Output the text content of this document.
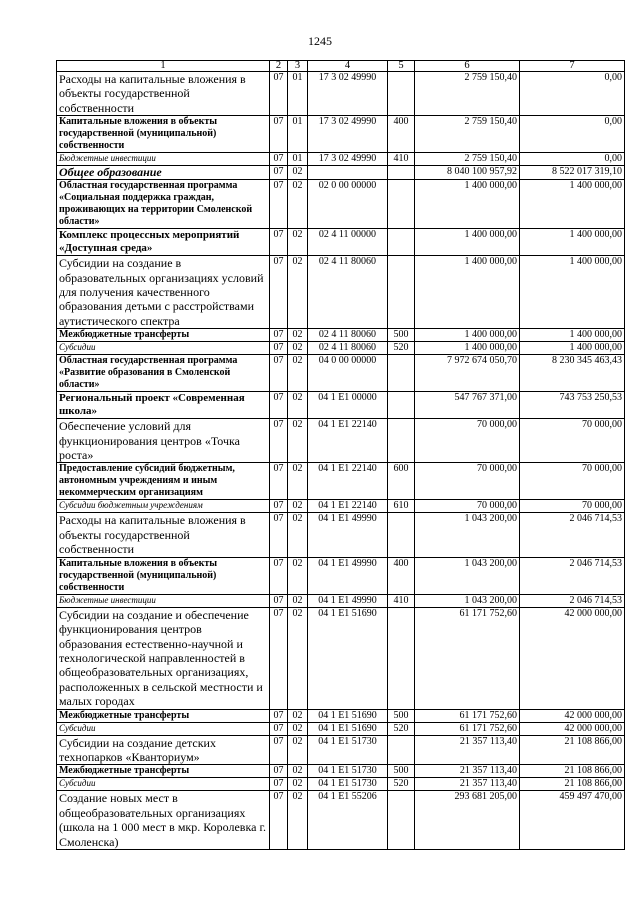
1245
1	2	3	4	5	6	7
Расходы на капитальные вложения в объекты государственной собственности	07	01	17 3 02 49990		2 759 150,40	0,00
Капитальные вложения в объекты государственной (муниципальной) собственности	07	01	17 3 02 49990	400	2 759 150,40	0,00
Бюджетные инвестиции	07	01	17 3 02 49990	410	2 759 150,40	0,00
Общее образование	07	02			8 040 100 957,92	8 522 017 319,10
Областная государственная программа «Социальная поддержка граждан, проживающих на территории Смоленской области»	07	02	02 0 00 00000		1 400 000,00	1 400 000,00
Комплекс процессных мероприятий «Доступная среда»	07	02	02 4 11 00000		1 400 000,00	1 400 000,00
Субсидии на создание в образовательных организациях условий для получения качественного образования детьми с расстройствами аутистического спектра	07	02	02 4 11 80060		1 400 000,00	1 400 000,00
Межбюджетные трансферты	07	02	02 4 11 80060	500	1 400 000,00	1 400 000,00
Субсидии	07	02	02 4 11 80060	520	1 400 000,00	1 400 000,00
Областная государственная программа «Развитие образования в Смоленской области»	07	02	04 0 00 00000		7 972 674 050,70	8 230 345 463,43
Региональный проект «Современная школа»	07	02	04 1 E1 00000		547 767 371,00	743 753 250,53
Обеспечение условий для функционирования центров «Точка роста»	07	02	04 1 E1 22140		70 000,00	70 000,00
Предоставление субсидий бюджетным, автономным учреждениям и иным некоммерческим организациям	07	02	04 1 E1 22140	600	70 000,00	70 000,00
Субсидии бюджетным учреждениям	07	02	04 1 E1 22140	610	70 000,00	70 000,00
Расходы на капитальные вложения в объекты государственной собственности	07	02	04 1 E1 49990		1 043 200,00	2 046 714,53
Капитальные вложения в объекты государственной (муниципальной) собственности	07	02	04 1 E1 49990	400	1 043 200,00	2 046 714,53
Бюджетные инвестиции	07	02	04 1 E1 49990	410	1 043 200,00	2 046 714,53
Субсидии на создание и обеспечение функционирования центров образования естественно-научной и технологической направленностей в общеобразовательных организациях, расположенных в сельской местности и малых городах	07	02	04 1 E1 51690		61 171 752,60	42 000 000,00
Межбюджетные трансферты	07	02	04 1 E1 51690	500	61 171 752,60	42 000 000,00
Субсидии	07	02	04 1 E1 51690	520	61 171 752,60	42 000 000,00
Субсидии на создание детских технопарков «Кванториум»	07	02	04 1 E1 51730		21 357 113,40	21 108 866,00
Межбюджетные трансферты	07	02	04 1 E1 51730	500	21 357 113,40	21 108 866,00
Субсидии	07	02	04 1 E1 51730	520	21 357 113,40	21 108 866,00
Создание новых мест в общеобразовательных организациях (школа на 1 000 мест в мкр. Королевка г. Смоленска)	07	02	04 1 E1 55206		293 681 205,00	459 497 470,00
